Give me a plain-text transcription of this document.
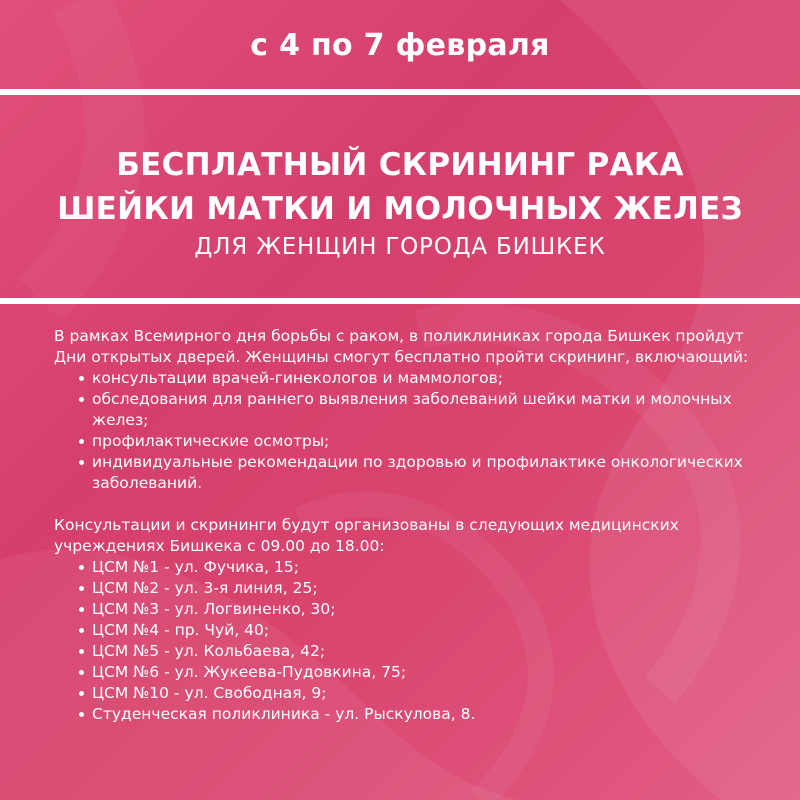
с 4 по 7 февраля
БЕСПЛАТНЫЙ СКРИНИНГ РАКА
ШЕЙКИ МАТКИ И МОЛОЧНЫХ ЖЕЛЕЗ
ДЛЯ ЖЕНЩИН ГОРОДА БИШКЕК

В рамках Всемирного дня борьбы с раком, в поликлиниках города Бишкек пройдут Дни открытых дверей. Женщины смогут бесплатно пройти скрининг, включающий:

консультации врачей-гинекологов и маммологов;
обследования для раннего выявления заболеваний шейки матки и молочных желез;
профилактические осмотры;
индивидуальные рекомендации по здоровью и профилактике онкологических заболеваний.

Консультации и скрининги будут организованы в следующих медицинских учреждениях Бишкека с 09.00 до 18.00:

ЦСМ №1 - ул. Фучика, 15;
ЦСМ №2 - ул. 3-я линия, 25;
ЦСМ №3 - ул. Логвиненко, 30;
ЦСМ №4 - пр. Чуй, 40;
ЦСМ №5 - ул. Кольбаева, 42;
ЦСМ №6 - ул. Жукеева-Пудовкина, 75;
ЦСМ №10 - ул. Свободная, 9;
Студенческая поликлиника - ул. Рыскулова, 8.
